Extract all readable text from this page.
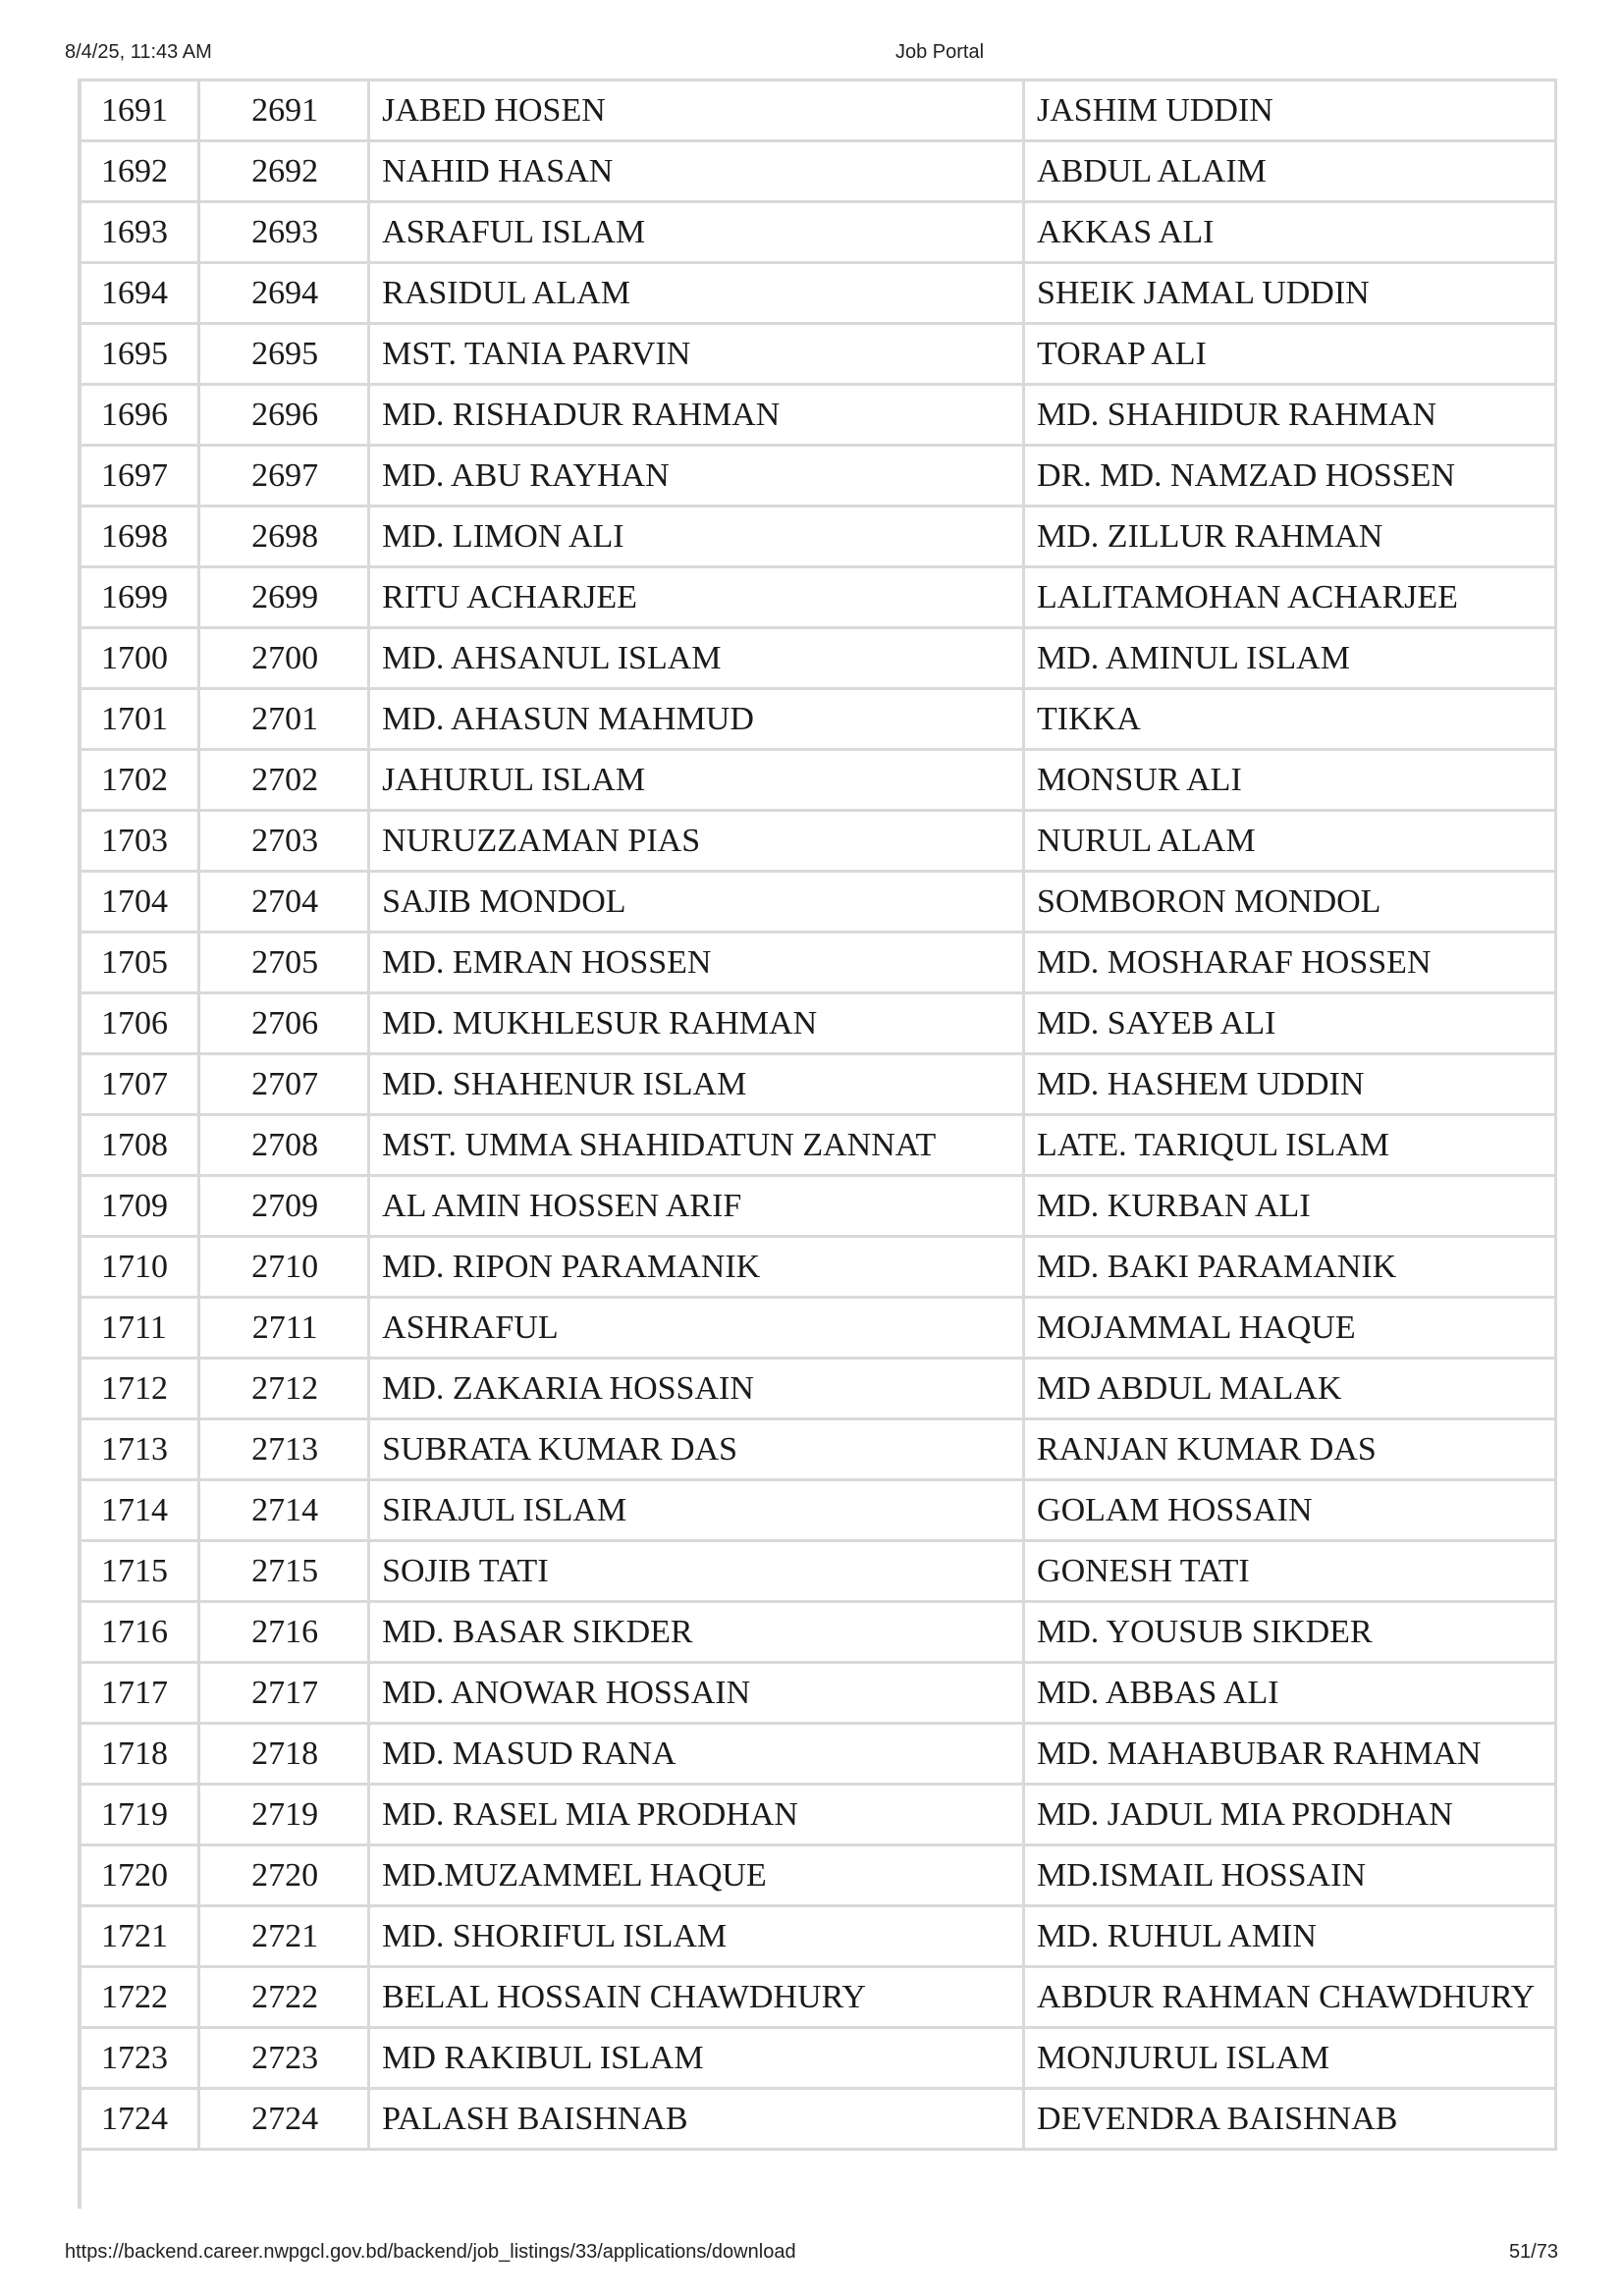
8/4/25, 11:43 AM	Job Portal
1691	2691	JABED HOSEN	JASHIM UDDIN
1692	2692	NAHID HASAN	ABDUL ALAIM
1693	2693	ASRAFUL ISLAM	AKKAS ALI
1694	2694	RASIDUL ALAM	SHEIK JAMAL UDDIN
1695	2695	MST. TANIA PARVIN	TORAP ALI
1696	2696	MD. RISHADUR RAHMAN	MD. SHAHIDUR RAHMAN
1697	2697	MD. ABU RAYHAN	DR. MD. NAMZAD HOSSEN
1698	2698	MD. LIMON ALI	MD. ZILLUR RAHMAN
1699	2699	RITU ACHARJEE	LALITAMOHAN ACHARJEE
1700	2700	MD. AHSANUL ISLAM	MD. AMINUL ISLAM
1701	2701	MD. AHASUN MAHMUD	TIKKA
1702	2702	JAHURUL ISLAM	MONSUR ALI
1703	2703	NURUZZAMAN PIAS	NURUL ALAM
1704	2704	SAJIB MONDOL	SOMBORON MONDOL
1705	2705	MD. EMRAN HOSSEN	MD. MOSHARAF HOSSEN
1706	2706	MD. MUKHLESUR RAHMAN	MD. SAYEB ALI
1707	2707	MD. SHAHENUR ISLAM	MD. HASHEM UDDIN
1708	2708	MST. UMMA SHAHIDATUN ZANNAT	LATE. TARIQUL ISLAM
1709	2709	AL AMIN HOSSEN ARIF	MD. KURBAN ALI
1710	2710	MD. RIPON PARAMANIK	MD. BAKI PARAMANIK
1711	2711	ASHRAFUL	MOJAMMAL HAQUE
1712	2712	MD. ZAKARIA HOSSAIN	MD ABDUL MALAK
1713	2713	SUBRATA KUMAR DAS	RANJAN KUMAR DAS
1714	2714	SIRAJUL ISLAM	GOLAM HOSSAIN
1715	2715	SOJIB TATI	GONESH TATI
1716	2716	MD. BASAR SIKDER	MD. YOUSUB SIKDER
1717	2717	MD. ANOWAR HOSSAIN	MD. ABBAS ALI
1718	2718	MD. MASUD RANA	MD. MAHABUBAR RAHMAN
1719	2719	MD. RASEL MIA PRODHAN	MD. JADUL MIA PRODHAN
1720	2720	MD.MUZAMMEL HAQUE	MD.ISMAIL HOSSAIN
1721	2721	MD. SHORIFUL ISLAM	MD. RUHUL AMIN
1722	2722	BELAL HOSSAIN CHAWDHURY	ABDUR RAHMAN CHAWDHURY
1723	2723	MD RAKIBUL ISLAM	MONJURUL ISLAM
1724	2724	PALASH BAISHNAB	DEVENDRA BAISHNAB
https://backend.career.nwpgcl.gov.bd/backend/job_listings/33/applications/download	51/73
